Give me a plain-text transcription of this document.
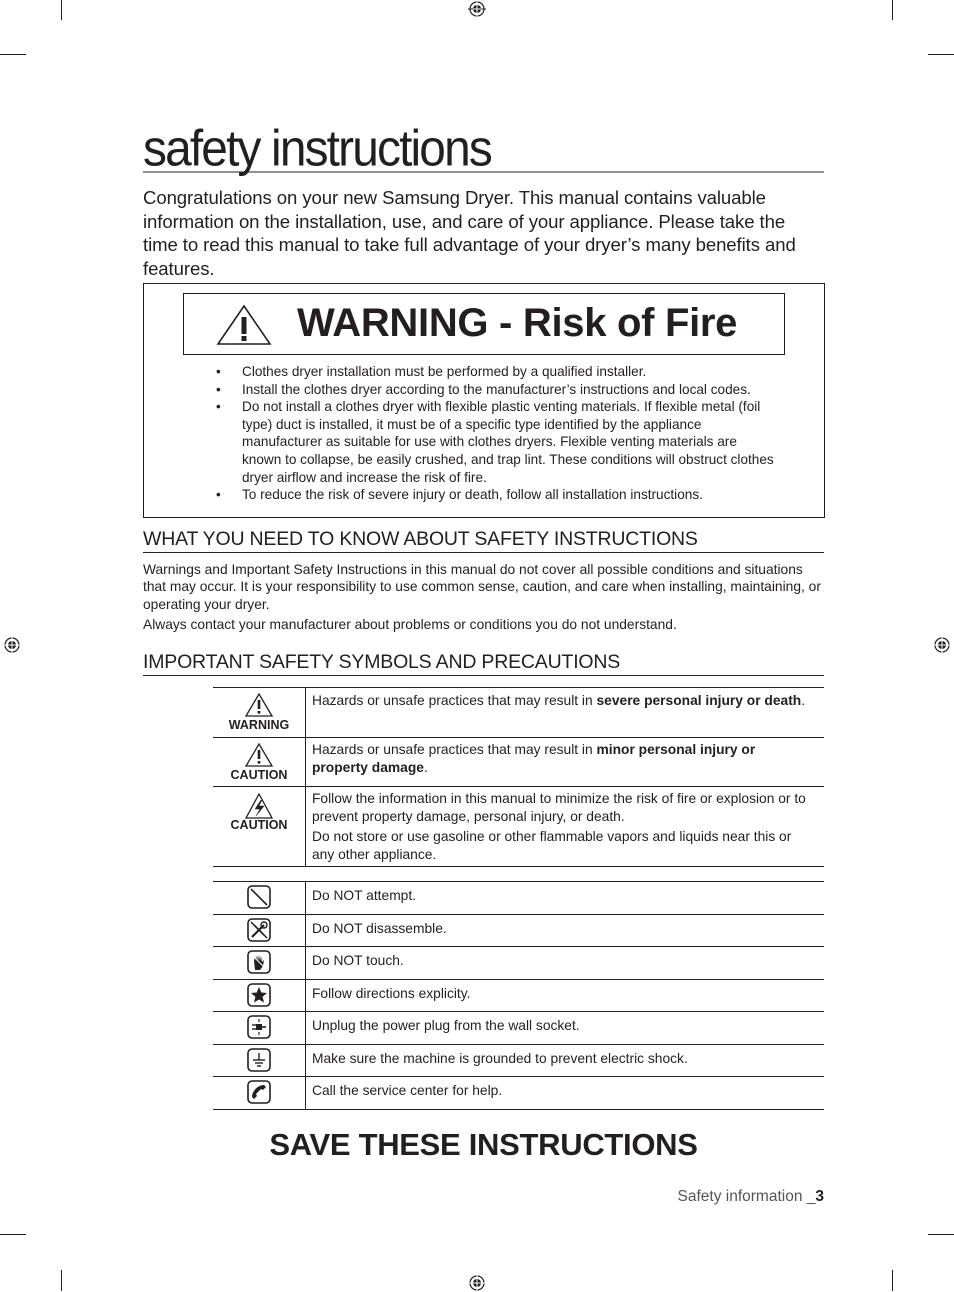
safety instructions
Congratulations on your new Samsung Dryer. This manual contains valuable information on the installation, use, and care of your appliance. Please take the time to read this manual to take full advantage of your dryer’s many benefits and features.
WARNING - Risk of Fire
• Clothes dryer installation must be performed by a qualified installer.
• Install the clothes dryer according to the manufacturer’s instructions and local codes.
• Do not install a clothes dryer with flexible plastic venting materials. If flexible metal (foil type) duct is installed, it must be of a specific type identified by the appliance manufacturer as suitable for use with clothes dryers. Flexible venting materials are known to collapse, be easily crushed, and trap lint. These conditions will obstruct clothes dryer airflow and increase the risk of fire.
• To reduce the risk of severe injury or death, follow all installation instructions.
WHAT YOU NEED TO KNOW ABOUT SAFETY INSTRUCTIONS

Warnings and Important Safety Instructions in this manual do not cover all possible conditions and situations that may occur. It is your responsibility to use common sense, caution, and care when installing, maintaining, or operating your dryer.

Always contact your manufacturer about problems or conditions you do not understand.

IMPORTANT SAFETY SYMBOLS AND PRECAUTIONS
WARNING	Hazards or unsafe practices that may result in severe personal injury or death.

CAUTION	Hazards or unsafe practices that may result in minor personal injury or property damage.

CAUTION	Follow the information in this manual to minimize the risk of fire or explosion or to prevent property damage, personal injury, or death.
Do not store or use gasoline or other flammable vapors and liquids near this or any other appliance.
	Do NOT attempt.
	Do NOT disassemble.
	Do NOT touch.
	Follow directions explicity.
	Unplug the power plug from the wall socket.
	Make sure the machine is grounded to prevent electric shock.
	Call the service center for help.
SAVE THESE INSTRUCTIONS
Safety information _3
